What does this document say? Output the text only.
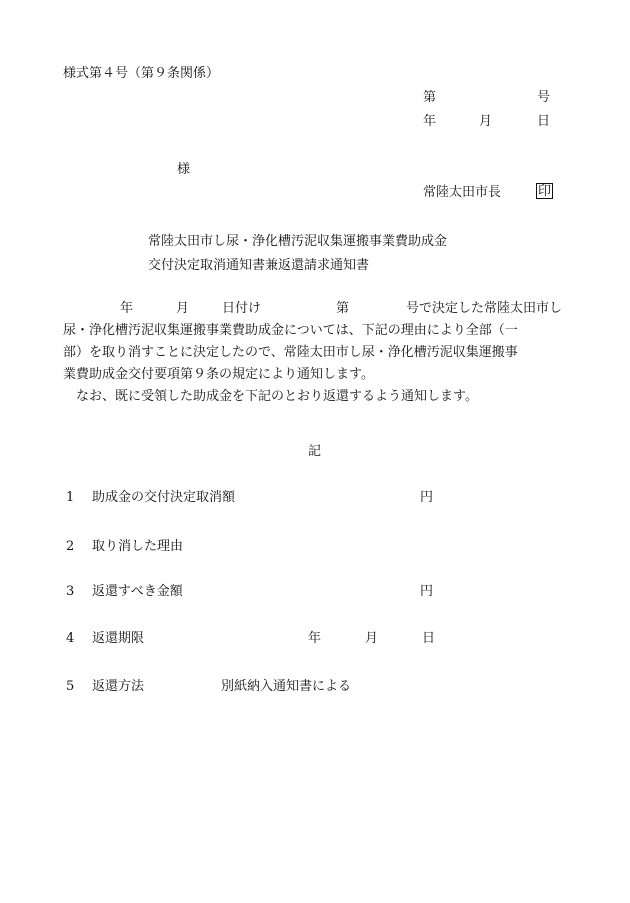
様式第４号（第９条関係）
第	号
年	月	日
様
常陸太田市長	印
常陸太田市し尿・浄化槽汚泥収集運搬事業費助成金
交付決定取消通知書兼返還請求通知書
年	月	日付け	第	号で決定した常陸太田市し
尿・浄化槽汚泥収集運搬事業費助成金については、下記の理由により全部（一
部）を取り消すことに決定したので、常陸太田市し尿・浄化槽汚泥収集運搬事
業費助成金交付要項第９条の規定により通知します。
なお、既に受領した助成金を下記のとおり返還するよう通知します。
記
1 助成金の交付決定取消額	円
2 取り消した理由
3 返還すべき金額	円
4 返還期限	年	月	日
5 返還方法	別紙納入通知書による
